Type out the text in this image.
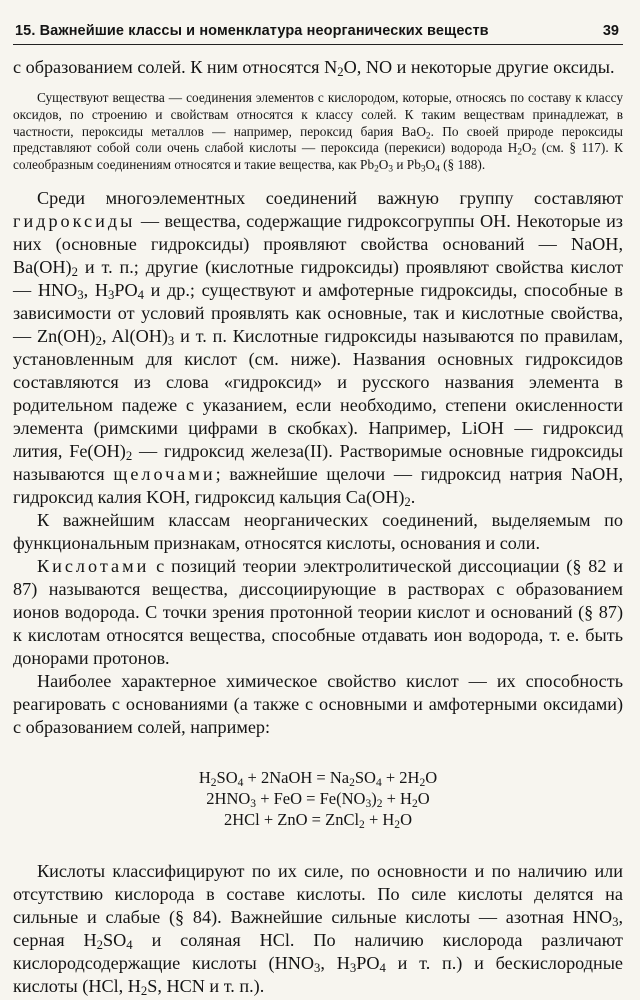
15. Важнейшие классы и номенклатура неорганических веществ	39

с образованием солей. К ним относятся $N_2O$, NO и некоторые другие оксиды.

Существуют вещества — соединения элементов с кислородом, которые, относясь по составу к классу оксидов, по строению и свойствам относятся к классу солей. К таким веществам принадлежат, в частности, пероксиды металлов — например, пероксид бария BaO$_2$. По своей природе пероксиды представляют собой соли очень слабой кислоты — пероксида (перекиси) водорода $H_2O_2$ (см. § 117). К солеобразным соединениям относятся и такие вещества, как $Pb_2O_3$ и $Pb_3O_4$ (§ 188).

Среди многоэлементных соединений важную группу составляют гидроксиды — вещества, содержащие гидроксогруппы OH. Некоторые из них (основные гидроксиды) проявляют свойства оснований — NaOH, $Ba(OH)_2$ и т. п.; другие (кислотные гидроксиды) проявляют свойства кислот — $HNO_3$, $H_3PO_4$ и др.; существуют и амфотерные гидроксиды, способные в зависимости от условий проявлять как основные, так и кислотные свойства, — $Zn(OH)_2$, $Al(OH)_3$ и т. п. Кислотные гидроксиды называются по правилам, установленным для кислот (см. ниже). Названия основных гидроксидов составляются из слова «гидроксид» и русского названия элемента в родительном падеже с указанием, если необходимо, степени окисленности элемента (римскими цифрами в скобках). Например, LiOH — гидроксид лития, $Fe(OH)_2$ — гидроксид железа(II). Растворимые основные гидроксиды называются щелочами; важнейшие щелочи — гидроксид натрия NaOH, гидроксид калия KOH, гидроксид кальция $Ca(OH)_2$.

К важнейшим классам неорганических соединений, выделяемым по функциональным признакам, относятся кислоты, основания и соли.

Кислотами с позиций теории электролитической диссоциации (§ 82 и 87) называются вещества, диссоциирующие в растворах с образованием ионов водорода. С точки зрения протонной теории кислот и оснований (§ 87) к кислотам относятся вещества, способные отдавать ион водорода, т. е. быть донорами протонов.

Наиболее характерное химическое свойство кислот — их способность реагировать с основаниями (а также с основными и амфотерными оксидами) с образованием солей, например:

$H_2SO_4$ + 2NaOH = $Na_2SO_4 + 2H_2O$
$2HNO_3$ + FeO = $Fe(NO_3)_2 + H_2O$
2HCl + ZnO = ZnCl$_2$ + $H_2O$

Кислоты классифицируют по их силе, по основности и по наличию или отсутствию кислорода в составе кислоты. По силе кислоты делятся на сильные и слабые (§ 84). Важнейшие сильные кислоты — азотная $HNO_3$, серная $H_2SO_4$ и соляная HCl. По наличию кислорода различают кислородсодержащие кислоты ($HNO_3$, $H_3PO_4$ и т. п.) и бескислородные кислоты (HCl, $H_2S$, HCN и т. п.).
